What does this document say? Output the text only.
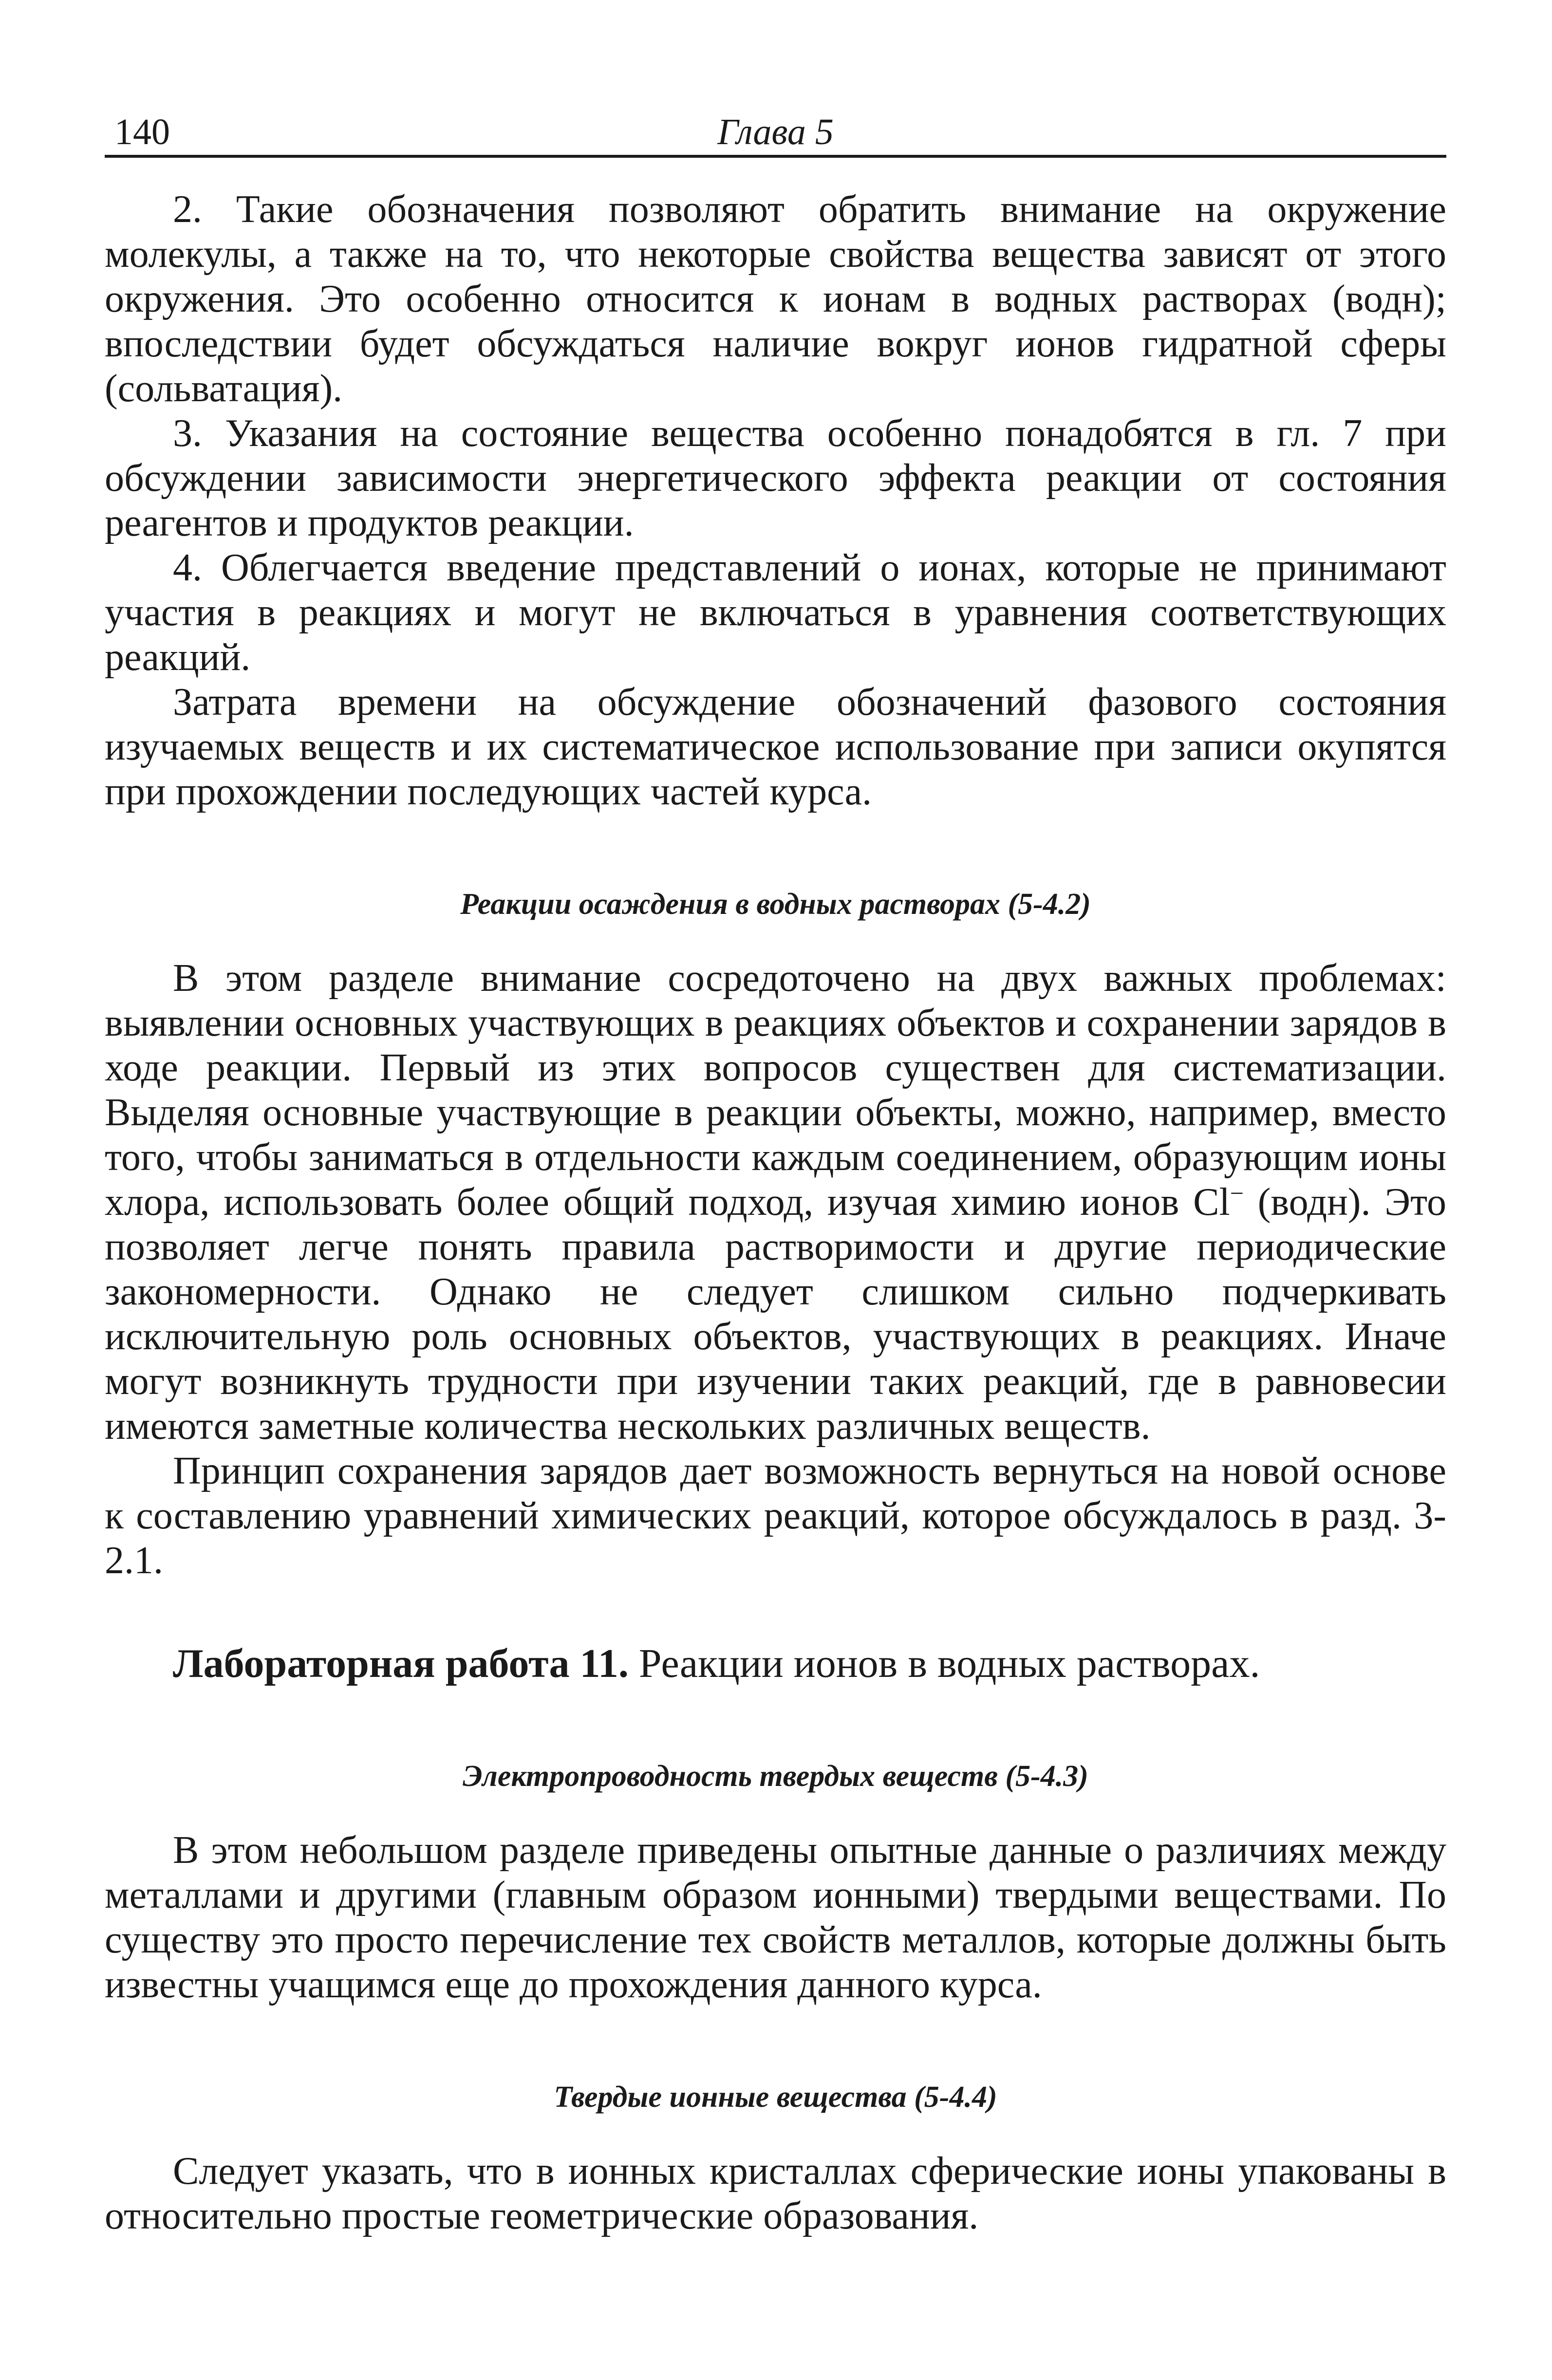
140	Глава 5

2. Такие обозначения позволяют обратить внимание на окружение молекулы, а также на то, что некоторые свойства вещества зависят от этого окружения. Это особенно относится к ионам в водных растворах (водн); впоследствии будет обсуждаться наличие вокруг ионов гидратной сферы (сольватация).

3. Указания на состояние вещества особенно понадобятся в гл. 7 при обсуждении зависимости энергетического эффекта реакции от состояния реагентов и продуктов реакции.

4. Облегчается введение представлений о ионах, которые не принимают участия в реакциях и могут не включаться в уравнения соответствующих реакций.

Затрата времени на обсуждение обозначений фазового состояния изучаемых веществ и их систематическое использование при записи окупятся при прохождении последующих частей курса.

Реакции осаждения в водных растворах (5-4.2)

В этом разделе внимание сосредоточено на двух важных проблемах: выявлении основных участвующих в реакциях объектов и сохранении зарядов в ходе реакции. Первый из этих вопросов существен для систематизации. Выделяя основные участвующие в реакции объекты, можно, например, вместо того, чтобы заниматься в отдельности каждым соединением, образующим ионы хлора, использовать более общий подход, изучая химию ионов Cl− (водн). Это позволяет легче понять правила растворимости и другие периодические закономерности. Однако не следует слишком сильно подчеркивать исключительную роль основных объектов, участвующих в реакциях. Иначе могут возникнуть трудности при изучении таких реакций, где в равновесии имеются заметные количества нескольких различных веществ.

Принцип сохранения зарядов дает возможность вернуться на новой основе к составлению уравнений химических реакций, которое обсуждалось в разд. 3-2.1.

Лабораторная работа 11. Реакции ионов в водных растворах.

Электропроводность твердых веществ (5-4.3)

В этом небольшом разделе приведены опытные данные о различиях между металлами и другими (главным образом ионными) твердыми веществами. По существу это просто перечисление тех свойств металлов, которые должны быть известны учащимся еще до прохождения данного курса.

Твердые ионные вещества (5-4.4)

Следует указать, что в ионных кристаллах сферические ионы упакованы в относительно простые геометрические образования.
